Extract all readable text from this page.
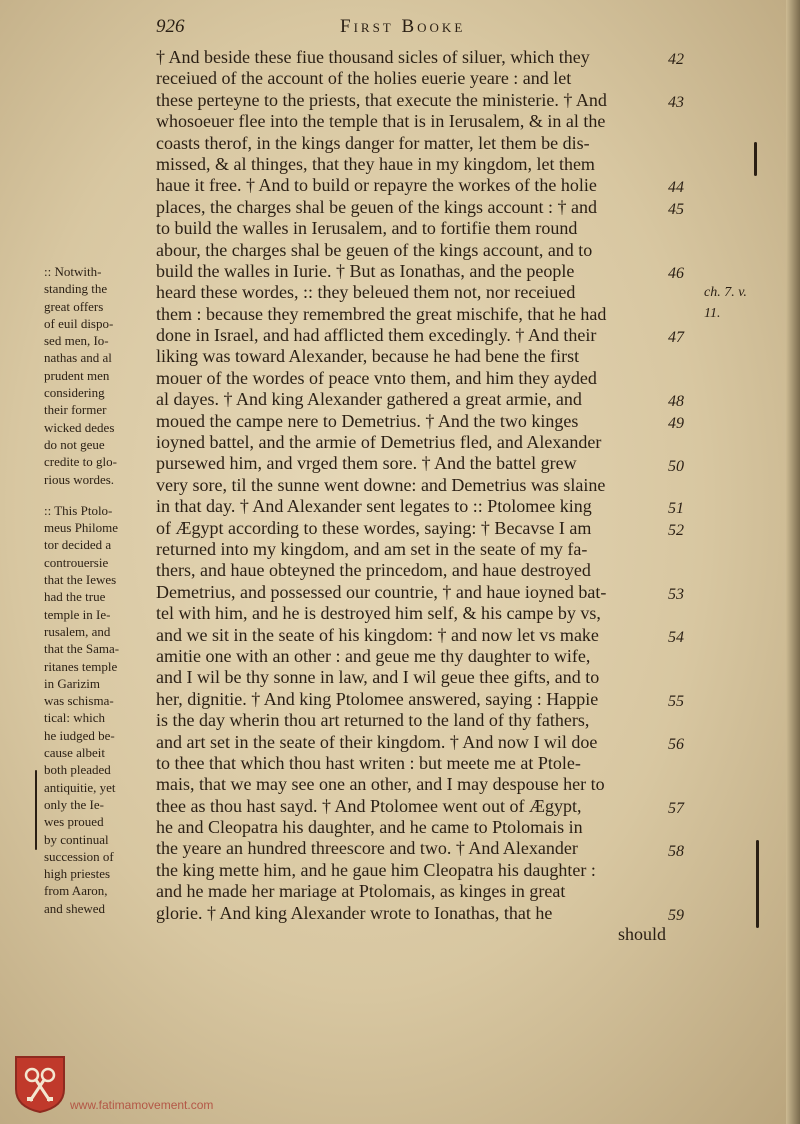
926	First Booke
† And beside these fiue thousand sicles of siluer, which they
receiued of the account of the holies euerie yeare : and let
these perteyne to the priests, that execute the ministerie. † And
whosoeuer flee into the temple that is in Ierusalem, & in al the
coasts therof, in the kings danger for matter, let them be dis-
missed, & al thinges, that they haue in my kingdom, let them
haue it free. † And to build or repayre the workes of the holie
places, the charges shal be geuen of the kings account : † and
to build the walles in Ierusalem, and to fortifie them round
abour, the charges shal be geuen of the kings account, and to
build the walles in Iurie. † But as Ionathas, and the people
heard these wordes, :: they beleued them not, nor receiued
them : because they remembred the great mischife, that he had
done in Israel, and had afflicted them excedingly. † And their
liking was toward Alexander, because he had bene the first
mouer of the wordes of peace vnto them, and him they ayded
al dayes. † And king Alexander gathered a great armie, and
moued the campe nere to Demetrius. † And the two kinges
ioyned battel, and the armie of Demetrius fled, and Alexander
pursewed him, and vrged them sore. † And the battel grew
very sore, til the sunne went downe: and Demetrius was slaine
in that day. † And Alexander sent legates to :: Ptolomee king
of Ægypt according to these wordes, saying: † Becavse I am
returned into my kingdom, and am set in the seate of my fa-
thers, and haue obteyned the princedom, and haue destroyed
Demetrius, and possessed our countrie, † and haue ioyned bat-
tel with him, and he is destroyed him self, & his campe by vs,
and we sit in the seate of his kingdom: † and now let vs make
amitie one with an other : and geue me thy daughter to wife,
and I wil be thy sonne in law, and I wil geue thee gifts, and to
her, dignitie. † And king Ptolomee answered, saying : Happie
is the day wherin thou art returned to the land of thy fathers,
and art set in the seate of their kingdom. † And now I wil doe
to thee that which thou hast writen : but meete me at Ptole-
mais, that we may see one an other, and I may despouse her to
thee as thou hast sayd. † And Ptolomee went out of Ægypt,
he and Cleopatra his daughter, and he came to Ptolomais in
the yeare an hundred threescore and two. † And Alexander
the king mette him, and he gaue him Cleopatra his daughter :
and he made her mariage at Ptolomais, as kinges in great
glorie. † And king Alexander wrote to Ionathas, that he
should
42
43
44
45
46
47
48
49
50
51
52
53
54
55
56
57
58
59
ch. 7. v.
11.
:: Notwith-
standing the
great offers
of euil dispo-
sed men, Io-
nathas and al
prudent men
considering
their former
wicked dedes
do not geue
credite to glo-
rious wordes.
:: This Ptolo-
meus Philome
tor decided a
controuersie
that the Iewes
had the true
temple in Ie-
rusalem, and
that the Sama-
ritanes temple
in Garizim
was schisma-
tical: which
he iudged be-
cause albeit
both pleaded
antiquitie, yet
only the Ie-
wes proued
by continual
succession of
high priestes
from Aaron,
and shewed
www.fatimamovement.com
